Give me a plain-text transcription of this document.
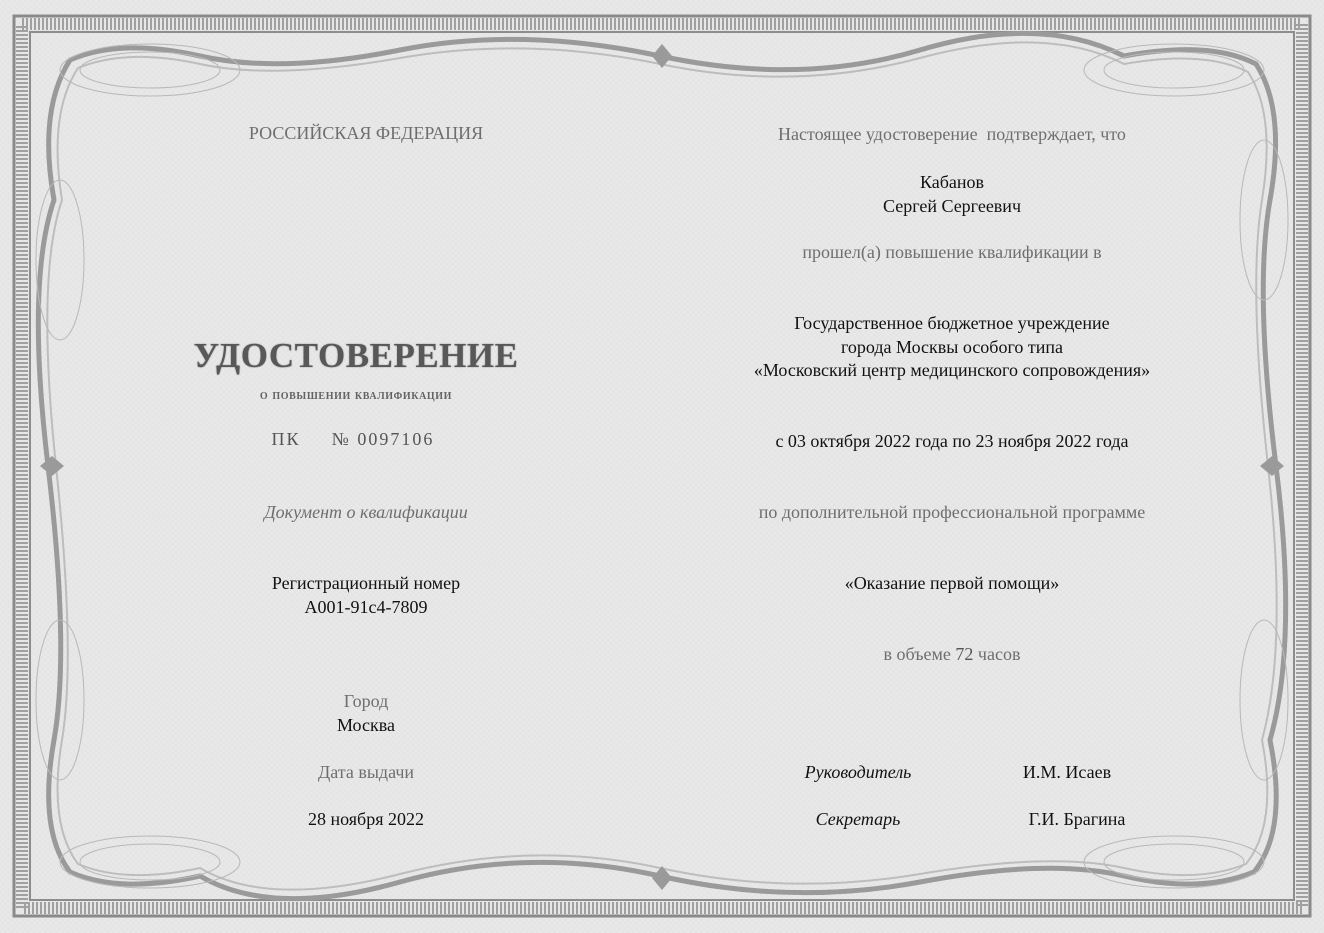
РОССИЙСКАЯ ФЕДЕРАЦИЯ
УДОСТОВЕРЕНИЕ
о повышении квалификации
ПК	№ 0097106
Документ о квалификации
Регистрационный номер
А001-91с4-7809
Город
Москва
Дата выдачи
28 ноября 2022
Настоящее удостоверение  подтверждает, что
Кабанов
Сергей Сергеевич
прошел(а) повышение квалификации в
Государственное бюджетное учреждение
города Москвы особого типа
«Московский центр медицинского сопровождения»
с 03 октября 2022 года по 23 ноября 2022 года
по дополнительной профессиональной программе
«Оказание первой помощи»
в объеме 72 часов
Руководитель	И.М. Исаев
Секретарь	Г.И. Брагина
